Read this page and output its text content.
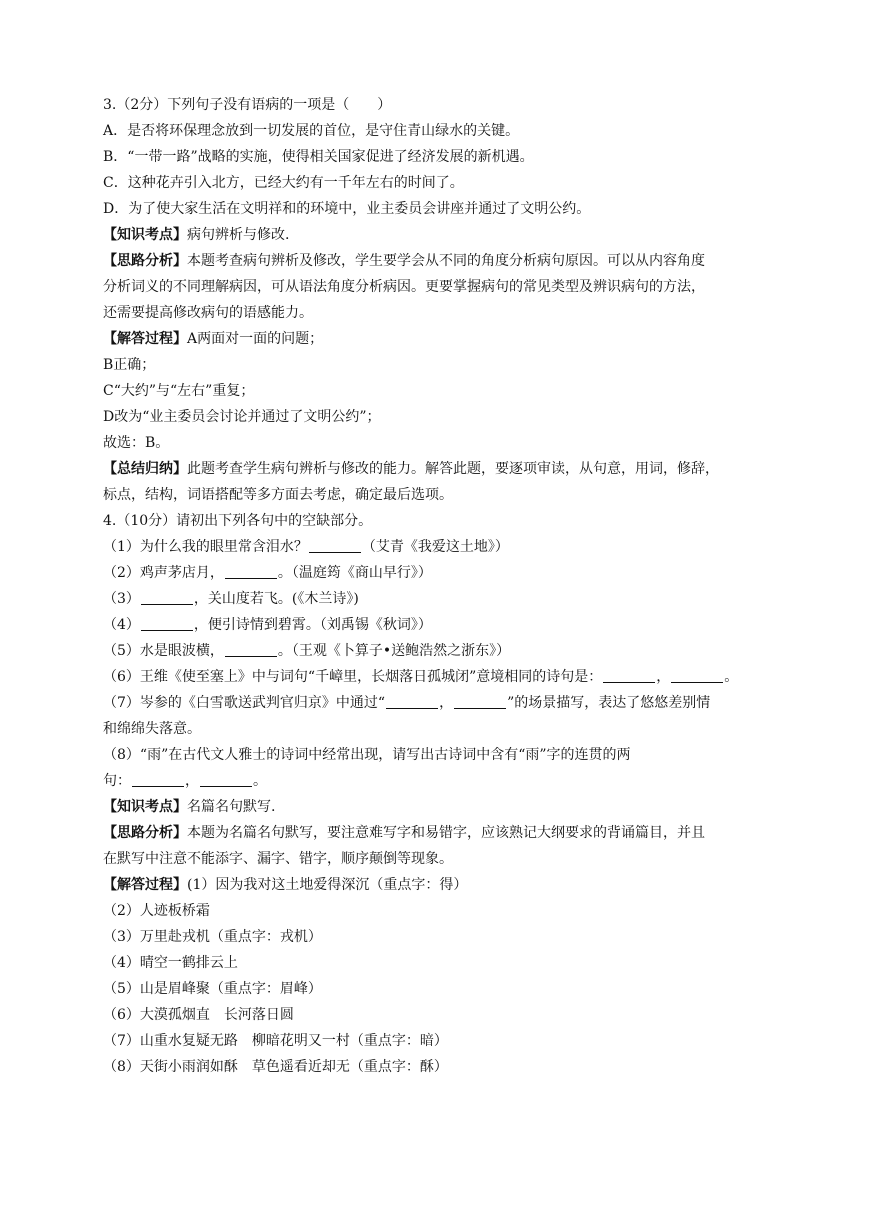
3.（2分）下列句子没有语病的一项是（　　）
A．是否将环保理念放到一切发展的首位，是守住青山绿水的关键。
B．“一带一路”战略的实施，使得相关国家促进了经济发展的新机遇。
C．这种花卉引入北方，已经大约有一千年左右的时间了。
D．为了使大家生活在文明祥和的环境中，业主委员会讲座并通过了文明公约。
【知识考点】病句辨析与修改.
【思路分析】本题考查病句辨析及修改，学生要学会从不同的角度分析病句原因。可以从内容角度
分析词义的不同理解病因，可从语法角度分析病因。更要掌握病句的常见类型及辨识病句的方法，
还需要提高修改病句的语感能力。
【解答过程】A两面对一面的问题；
B正确；
C“大约”与“左右”重复；
D改为“业主委员会讨论并通过了文明公约”；
故选：B。
【总结归纳】此题考查学生病句辨析与修改的能力。解答此题，要逐项审读，从句意，用词，修辞，
标点，结构，词语搭配等多方面去考虑，确定最后选项。
4.（10分）请初出下列各句中的空缺部分。
（1）为什么我的眼里常含泪水？	（艾青《我爱这土地》）
（2）鸡声茅店月，	。（温庭筠《商山早行》）
（3）	，关山度若飞。(《木兰诗》)
（4）	，便引诗情到碧霄。（刘禹锡《秋词》）
（5）水是眼波横，	。（王观《卜算子•送鲍浩然之浙东》）
（6）王维《使至塞上》中与词句“千嶂里，长烟落日孤城闭”意境相同的诗句是：	，	。
（7）岑参的《白雪歌送武判官归京》中通过“	，	”的场景描写，表达了悠悠差别情
和绵绵失落意。
（8）“雨”在古代文人雅士的诗词中经常出现，请写出古诗词中含有“雨”字的连贯的两
句：	，	。
【知识考点】名篇名句默写.
【思路分析】本题为名篇名句默写，要注意难写字和易错字，应该熟记大纲要求的背诵篇目，并且
在默写中注意不能添字、漏字、错字，顺序颠倒等现象。
【解答过程】(1）因为我对这土地爱得深沉（重点字：得）
（2）人迹板桥霜
（3）万里赴戎机（重点字：戎机）
（4）晴空一鹤排云上
（5）山是眉峰聚（重点字：眉峰）
（6）大漠孤烟直　长河落日圆
（7）山重水复疑无路　柳暗花明又一村（重点字：暗）
（8）天街小雨润如酥　草色遥看近却无（重点字：酥）
